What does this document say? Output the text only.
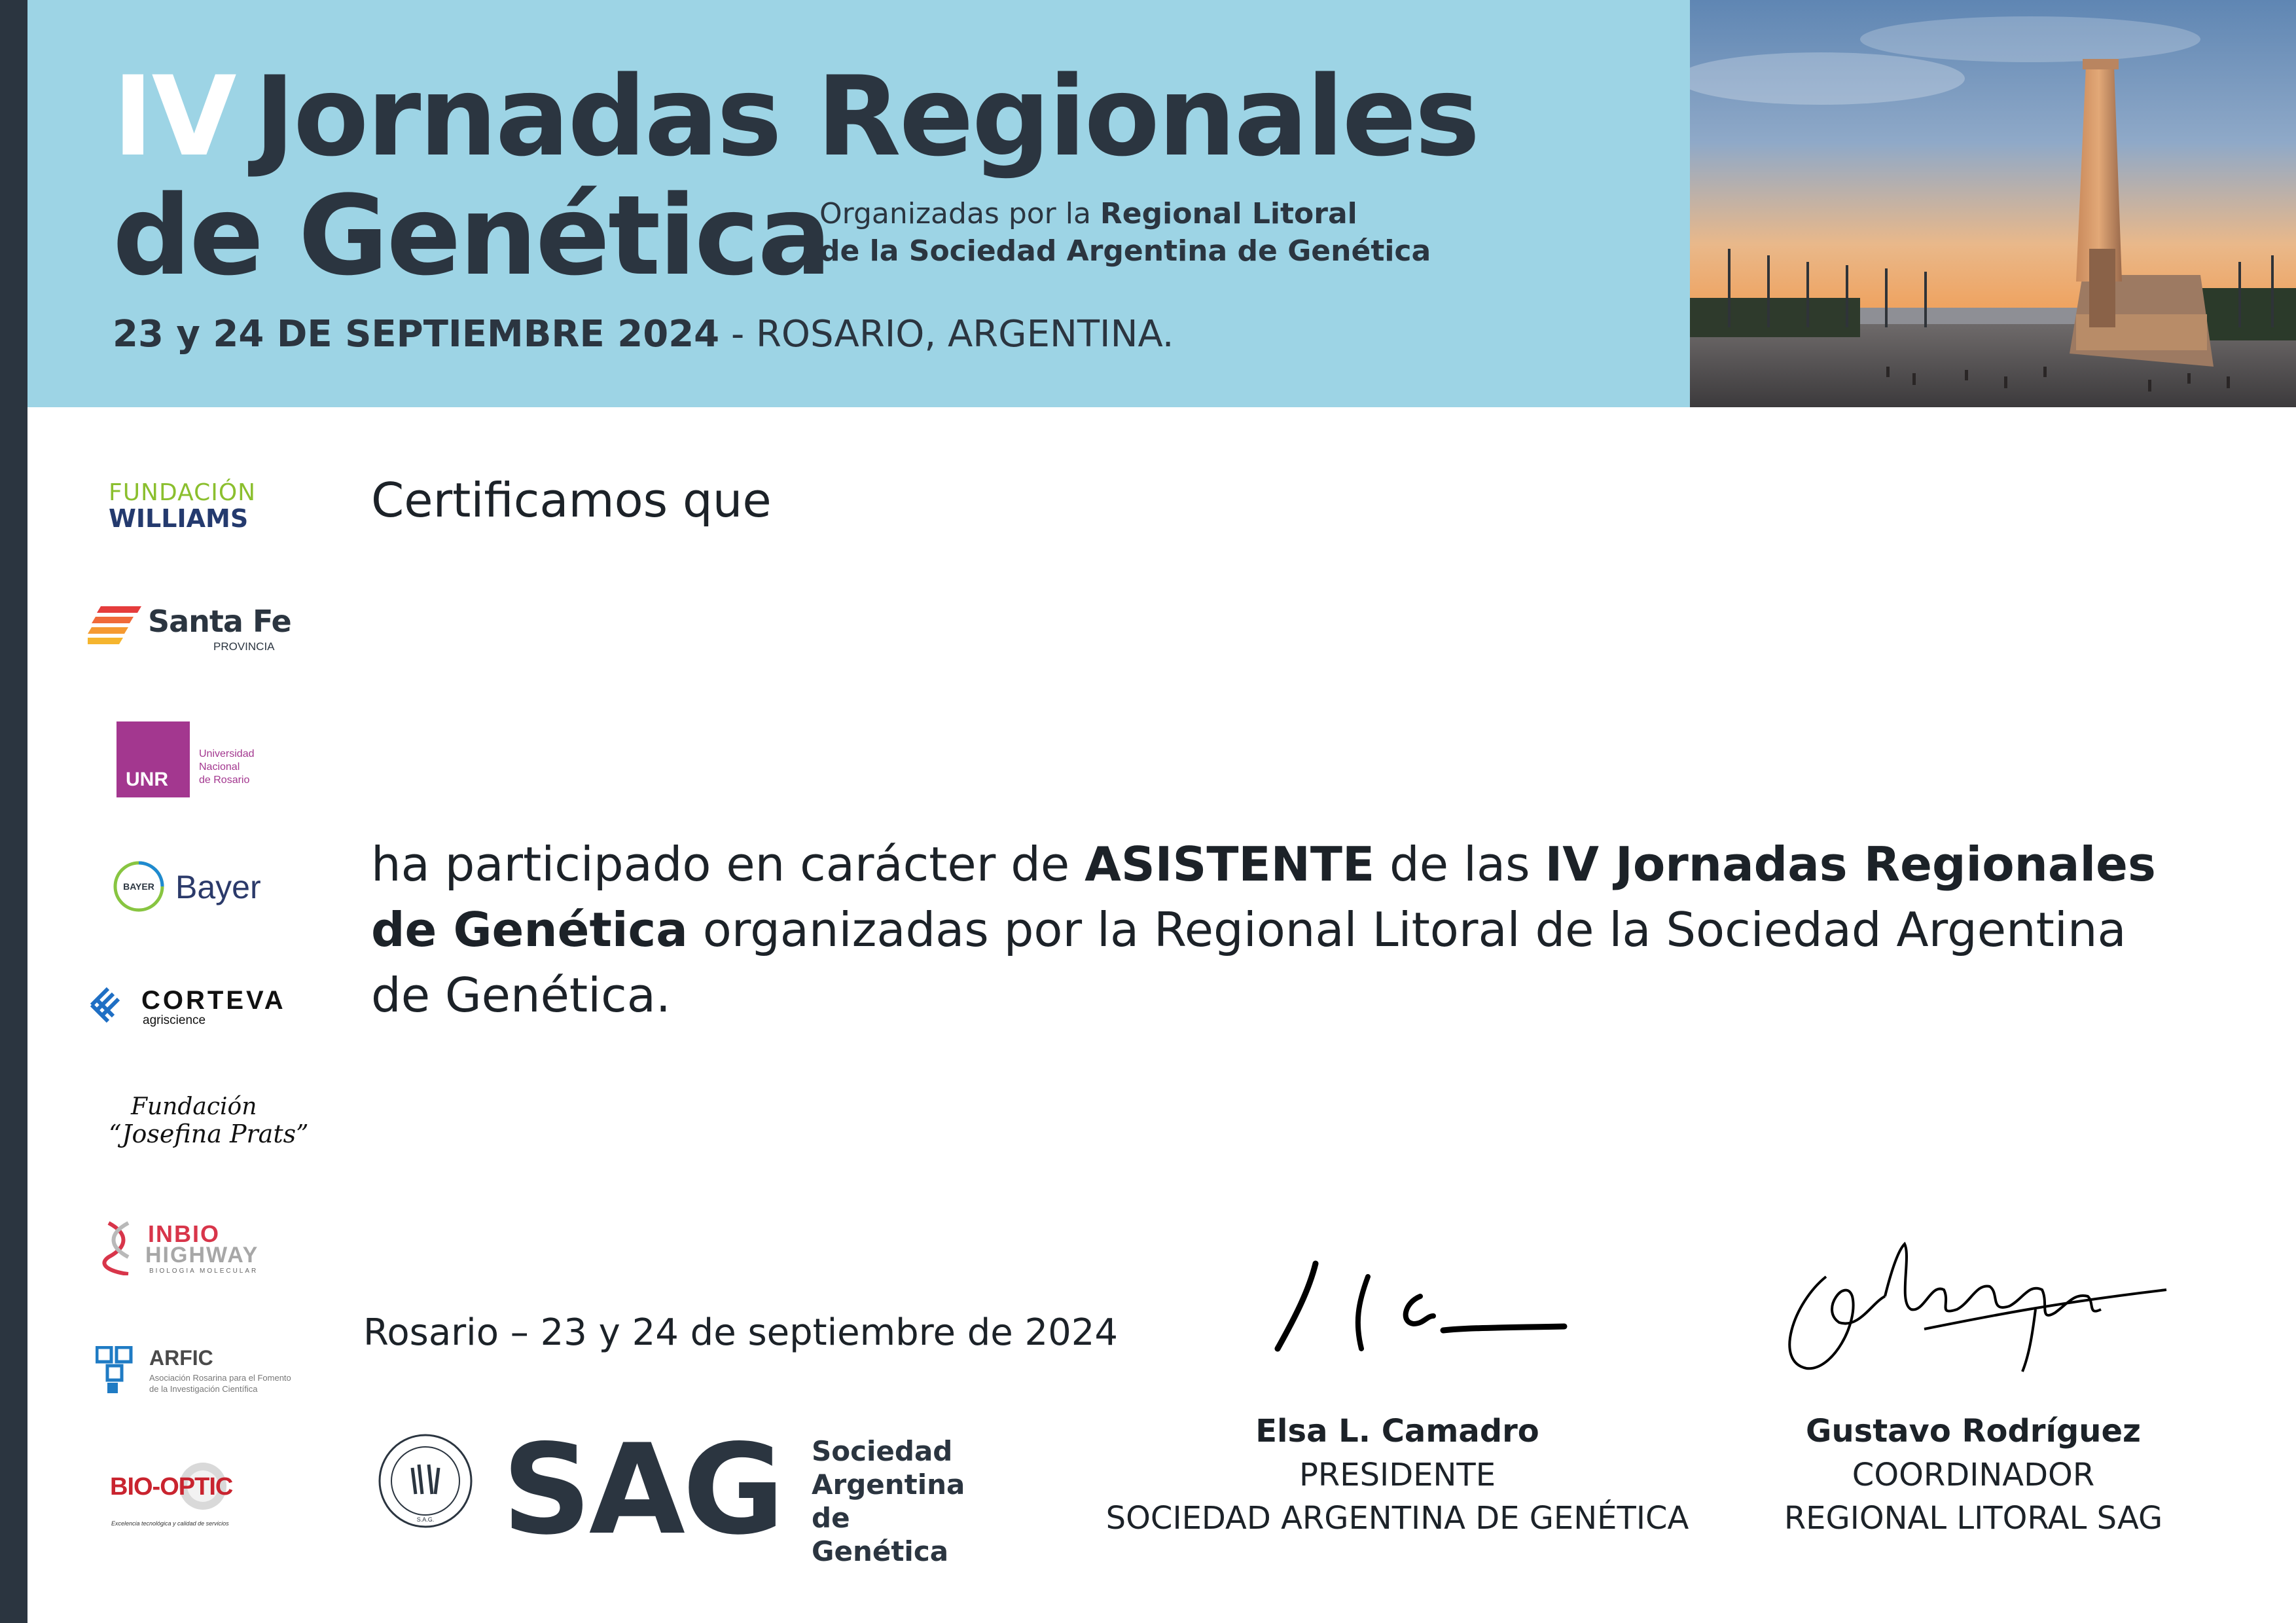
IV Jornadas Regionales
de Genética
Organizadas por la Regional Litoral
de la Sociedad Argentina de Genética
23 y 24 DE SEPTIEMBRE 2024 - ROSARIO, ARGENTINA.
FUNDACIÓN
WILLIAMS
Santa Fe
PROVINCIA
UNR
Universidad
Nacional
de Rosario
BAYER Bayer
CORTEVA
agriscience
Fundación
“Josefina Prats”
INBIO
HIGHWAY
BIOLOGIA MOLECULAR
ARFIC
Asociación Rosarina para el Fomento
de la Investigación Científica
BIO-OPTIC
Excelencia tecnológica y calidad de servicios
Certificamos que
ha participado en carácter de ASISTENTE de las IV Jornadas Regionales de Genética organizadas por la Regional Litoral de la Sociedad Argentina de Genética.
Rosario – 23 y 24 de septiembre de 2024
S.A.G. SAG Sociedad
Argentina
de Genética
Elsa L. Camadro
PRESIDENTE
SOCIEDAD ARGENTINA DE GENÉTICA
Gustavo Rodríguez
COORDINADOR
REGIONAL LITORAL SAG
